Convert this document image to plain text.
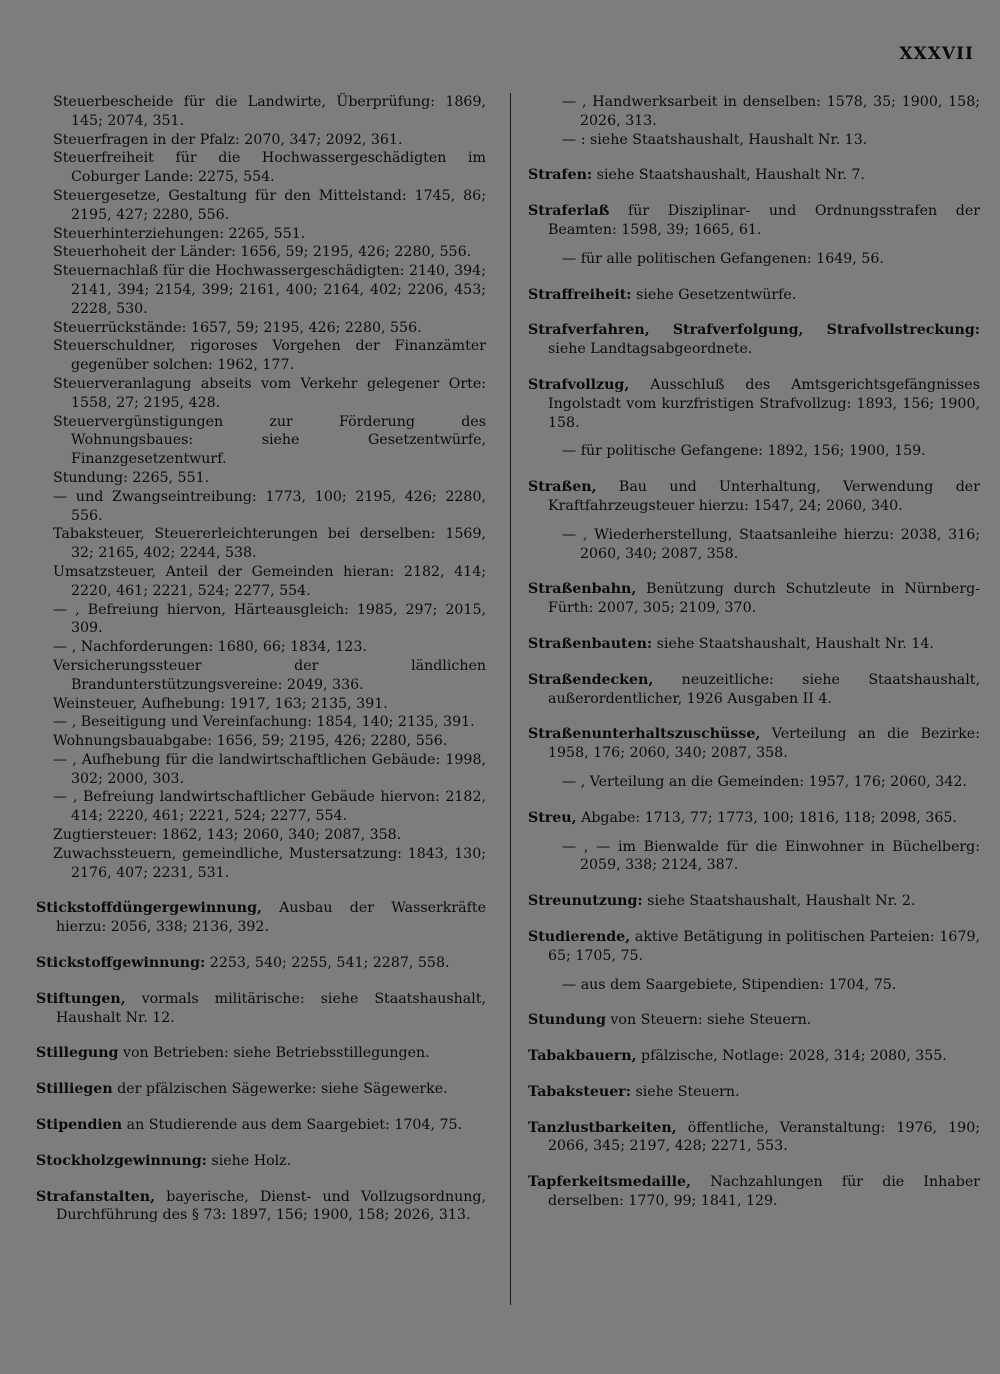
XXXVII
Steuerbescheide für die Landwirte, Überprüfung: 1869, 145; 2074, 351.
Steuerfragen in der Pfalz: 2070, 347; 2092, 361.
Steuerfreiheit für die Hochwassergeschädigten im Coburger Lande: 2275, 554.
Steuergesetze, Gestaltung für den Mittelstand: 1745, 86; 2195, 427; 2280, 556.
Steuerhinterziehungen: 2265, 551.
Steuerhoheit der Länder: 1656, 59; 2195, 426; 2280, 556.
Steuernachlaß für die Hochwassergeschädigten: 2140, 394; 2141, 394; 2154, 399; 2161, 400; 2164, 402; 2206, 453; 2228, 530.
Steuerrückstände: 1657, 59; 2195, 426; 2280, 556.
Steuerschuldner, rigoroses Vorgehen der Finanzämter gegenüber solchen: 1962, 177.
Steuerveranlagung abseits vom Verkehr gelegener Orte: 1558, 27; 2195, 428.
Steuervergünstigungen zur Förderung des Wohnungsbaues: siehe Gesetzentwürfe, Finanzgesetzentwurf.
Stundung: 2265, 551.
— und Zwangseintreibung: 1773, 100; 2195, 426; 2280, 556.
Tabaksteuer, Steuererleichterungen bei derselben: 1569, 32; 2165, 402; 2244, 538.
Umsatzsteuer, Anteil der Gemeinden hieran: 2182, 414; 2220, 461; 2221, 524; 2277, 554.
— , Befreiung hiervon, Härteausgleich: 1985, 297; 2015, 309.
— , Nachforderungen: 1680, 66; 1834, 123.
Versicherungssteuer der ländlichen Brandunterstützungsvereine: 2049, 336.
Weinsteuer, Aufhebung: 1917, 163; 2135, 391.
— , Beseitigung und Vereinfachung: 1854, 140; 2135, 391.
Wohnungsbauabgabe: 1656, 59; 2195, 426; 2280, 556.
— , Aufhebung für die landwirtschaftlichen Gebäude: 1998, 302; 2000, 303.
— , Befreiung landwirtschaftlicher Gebäude hiervon: 2182, 414; 2220, 461; 2221, 524; 2277, 554.
Zugtiersteuer: 1862, 143; 2060, 340; 2087, 358.
Zuwachssteuern, gemeindliche, Mustersatzung: 1843, 130; 2176, 407; 2231, 531.
Stickstoffdüngergewinnung, Ausbau der Wasserkräfte hierzu: 2056, 338; 2136, 392.
Stickstoffgewinnung: 2253, 540; 2255, 541; 2287, 558.
Stiftungen, vormals militärische: siehe Staatshaushalt, Haushalt Nr. 12.
Stillegung von Betrieben: siehe Betriebsstillegungen.
Stilliegen der pfälzischen Sägewerke: siehe Sägewerke.
Stipendien an Studierende aus dem Saargebiet: 1704, 75.
Stockholzgewinnung: siehe Holz.
Strafanstalten, bayerische, Dienst- und Vollzugsordnung, Durchführung des § 73: 1897, 156; 1900, 158; 2026, 313.
— , Handwerksarbeit in denselben: 1578, 35; 1900, 158; 2026, 313.
— : siehe Staatshaushalt, Haushalt Nr. 13.
Strafen: siehe Staatshaushalt, Haushalt Nr. 7.
Straferlaß für Disziplinar- und Ordnungsstrafen der Beamten: 1598, 39; 1665, 61.
— für alle politischen Gefangenen: 1649, 56.
Straffreiheit: siehe Gesetzentwürfe.
Strafverfahren, Strafverfolgung, Strafvollstreckung: siehe Landtagsabgeordnete.
Strafvollzug, Ausschluß des Amtsgerichtsgefängnisses Ingolstadt vom kurzfristigen Strafvollzug: 1893, 156; 1900, 158.
— für politische Gefangene: 1892, 156; 1900, 159.
Straßen, Bau und Unterhaltung, Verwendung der Kraftfahrzeugsteuer hierzu: 1547, 24; 2060, 340.
— , Wiederherstellung, Staatsanleihe hierzu: 2038, 316; 2060, 340; 2087, 358.
Straßenbahn, Benützung durch Schutzleute in Nürnberg-Fürth: 2007, 305; 2109, 370.
Straßenbauten: siehe Staatshaushalt, Haushalt Nr. 14.
Straßendecken, neuzeitliche: siehe Staatshaushalt, außerordentlicher, 1926 Ausgaben II 4.
Straßenunterhaltszuschüsse, Verteilung an die Bezirke: 1958, 176; 2060, 340; 2087, 358.
— , Verteilung an die Gemeinden: 1957, 176; 2060, 342.
Streu, Abgabe: 1713, 77; 1773, 100; 1816, 118; 2098, 365.
— , — im Bienwalde für die Einwohner in Büchelberg: 2059, 338; 2124, 387.
Streunutzung: siehe Staatshaushalt, Haushalt Nr. 2.
Studierende, aktive Betätigung in politischen Parteien: 1679, 65; 1705, 75.
— aus dem Saargebiete, Stipendien: 1704, 75.
Stundung von Steuern: siehe Steuern.
Tabakbauern, pfälzische, Notlage: 2028, 314; 2080, 355.
Tabaksteuer: siehe Steuern.
Tanzlustbarkeiten, öffentliche, Veranstaltung: 1976, 190; 2066, 345; 2197, 428; 2271, 553.
Tapferkeitsmedaille, Nachzahlungen für die Inhaber derselben: 1770, 99; 1841, 129.
